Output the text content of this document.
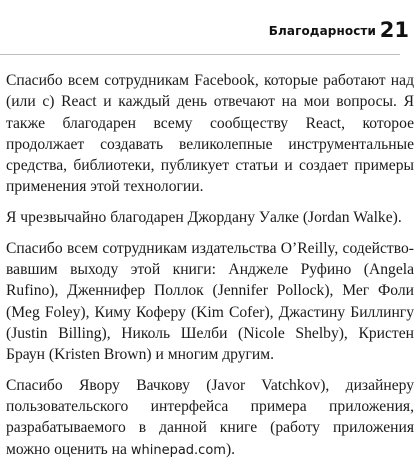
Благодарности 21

Спасибо всем сотрудникам Facebook, которые работают над (или с) React и каждый день отвечают на мои вопросы. Я также благодарен всему сообществу React, которое продолжает создавать великолепные инструментальные средства, библиотеки, публикует статьи и создает примеры применения этой технологии.

Я чрезвычайно благодарен Джордану Уалке (Jordan Walke).

Спасибо всем сотрудникам издательства O’Reilly, содействовавшим выходу этой книги: Анджеле Руфино (Angela Rufino), Дженнифер Поллок (Jennifer Pollock), Мег Фоли (Meg Foley), Киму Коферу (Kim Cofer), Джастину Биллингу (Justin Billing), Николь Шелби (Nicole Shelby), Кристен Браун (Kristen Brown) и многим другим.

Спасибо Явору Вачкову (Javor Vatchkov), дизайнеру пользовательского интерфейса примера приложения, разрабатываемого в данной книге (работу приложения можно оценить на whinepad.com).
